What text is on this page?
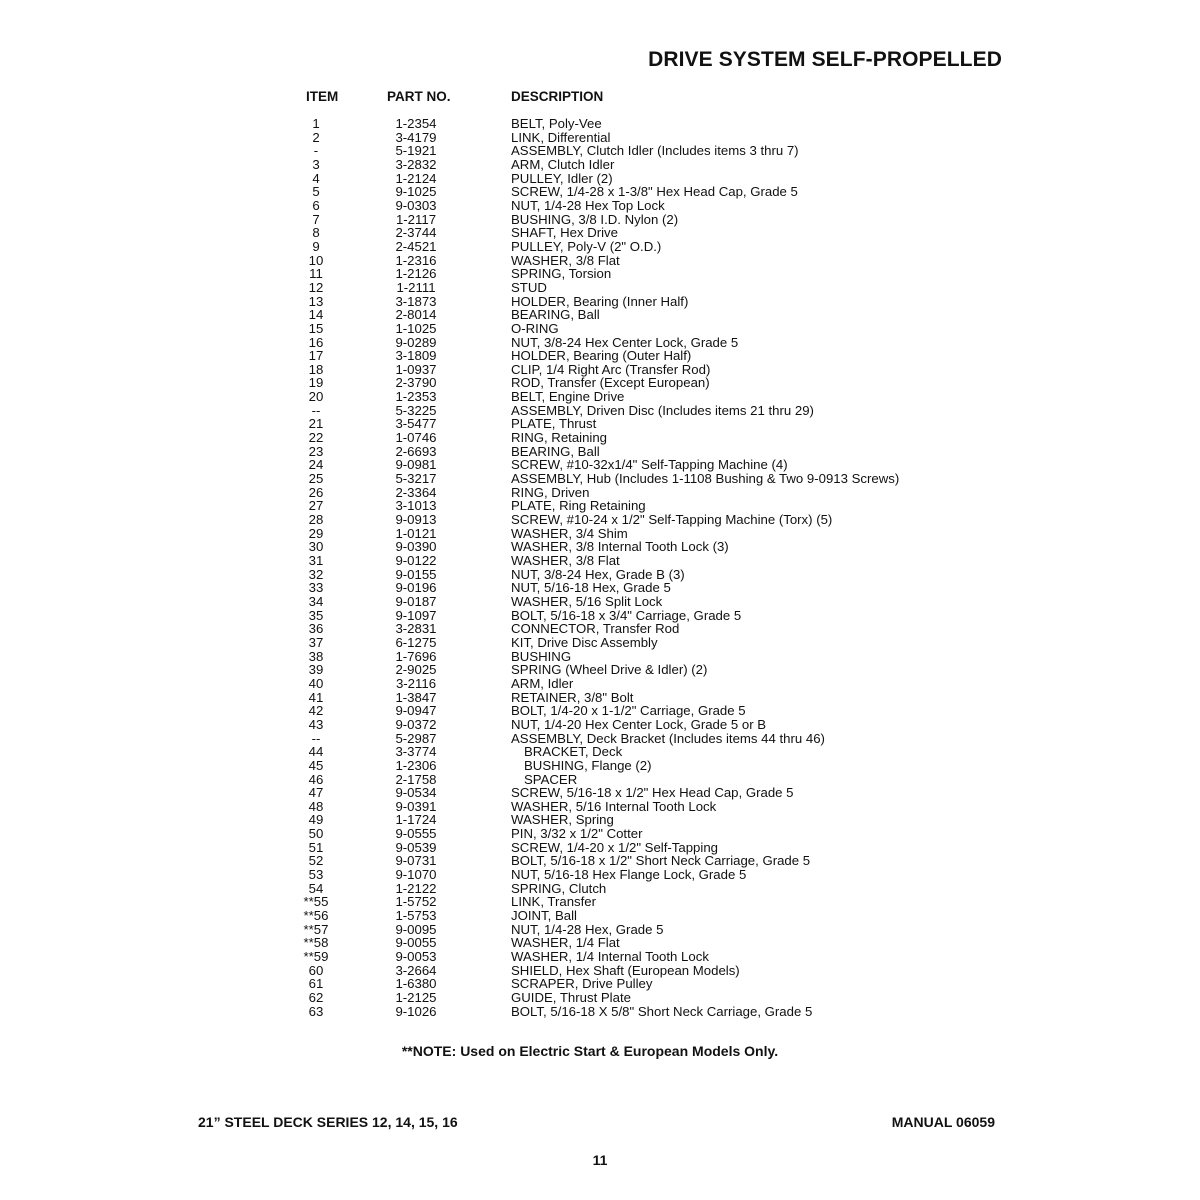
DRIVE SYSTEM SELF-PROPELLED
ITEM	PART NO.	DESCRIPTION
1	1-2354	BELT, Poly-Vee
2	3-4179	LINK, Differential
-	5-1921	ASSEMBLY, Clutch Idler (Includes items 3 thru 7)
3	3-2832	ARM, Clutch Idler
4	1-2124	PULLEY, Idler (2)
5	9-1025	SCREW, 1/4-28 x 1-3/8" Hex Head Cap, Grade 5
6	9-0303	NUT, 1/4-28 Hex Top Lock
7	1-2117	BUSHING, 3/8 I.D. Nylon (2)
8	2-3744	SHAFT, Hex Drive
9	2-4521	PULLEY, Poly-V (2" O.D.)
10	1-2316	WASHER, 3/8 Flat
11	1-2126	SPRING, Torsion
12	1-2111	STUD
13	3-1873	HOLDER, Bearing (Inner Half)
14	2-8014	BEARING, Ball
15	1-1025	O-RING
16	9-0289	NUT, 3/8-24 Hex Center Lock, Grade 5
17	3-1809	HOLDER, Bearing (Outer Half)
18	1-0937	CLIP, 1/4 Right Arc (Transfer Rod)
19	2-3790	ROD, Transfer (Except European)
20	1-2353	BELT, Engine Drive
--	5-3225	ASSEMBLY, Driven Disc (Includes items 21 thru 29)
21	3-5477	PLATE, Thrust
22	1-0746	RING, Retaining
23	2-6693	BEARING, Ball
24	9-0981	SCREW, #10-32x1/4" Self-Tapping Machine (4)
25	5-3217	ASSEMBLY, Hub (Includes 1-1108 Bushing & Two 9-0913 Screws)
26	2-3364	RING, Driven
27	3-1013	PLATE, Ring Retaining
28	9-0913	SCREW, #10-24 x 1/2" Self-Tapping Machine (Torx) (5)
29	1-0121	WASHER, 3/4 Shim
30	9-0390	WASHER, 3/8 Internal Tooth Lock (3)
31	9-0122	WASHER, 3/8 Flat
32	9-0155	NUT, 3/8-24 Hex, Grade B (3)
33	9-0196	NUT, 5/16-18 Hex, Grade 5
34	9-0187	WASHER, 5/16 Split Lock
35	9-1097	BOLT, 5/16-18 x 3/4" Carriage, Grade 5
36	3-2831	CONNECTOR, Transfer Rod
37	6-1275	KIT, Drive Disc Assembly
38	1-7696	BUSHING
39	2-9025	SPRING (Wheel Drive & Idler) (2)
40	3-2116	ARM, Idler
41	1-3847	RETAINER, 3/8" Bolt
42	9-0947	BOLT, 1/4-20 x 1-1/2" Carriage, Grade 5
43	9-0372	NUT, 1/4-20 Hex Center Lock, Grade 5 or B
--	5-2987	ASSEMBLY, Deck Bracket (Includes items 44 thru 46)
44	3-3774	BRACKET, Deck
45	1-2306	BUSHING, Flange (2)
46	2-1758	SPACER
47	9-0534	SCREW, 5/16-18 x 1/2" Hex Head Cap, Grade 5
48	9-0391	WASHER, 5/16 Internal Tooth Lock
49	1-1724	WASHER, Spring
50	9-0555	PIN, 3/32 x 1/2" Cotter
51	9-0539	SCREW, 1/4-20 x 1/2" Self-Tapping
52	9-0731	BOLT, 5/16-18 x 1/2" Short Neck Carriage, Grade 5
53	9-1070	NUT, 5/16-18 Hex Flange Lock, Grade 5
54	1-2122	SPRING, Clutch
**55	1-5752	LINK, Transfer
**56	1-5753	JOINT, Ball
**57	9-0095	NUT, 1/4-28 Hex, Grade 5
**58	9-0055	WASHER, 1/4 Flat
**59	9-0053	WASHER, 1/4 Internal Tooth Lock
60	3-2664	SHIELD, Hex Shaft (European Models)
61	1-6380	SCRAPER, Drive Pulley
62	1-2125	GUIDE, Thrust Plate
63	9-1026	BOLT, 5/16-18 X 5/8" Short Neck Carriage, Grade 5
**NOTE: Used on Electric Start & European Models Only.
21” STEEL DECK SERIES 12, 14, 15, 16	MANUAL 06059
11
